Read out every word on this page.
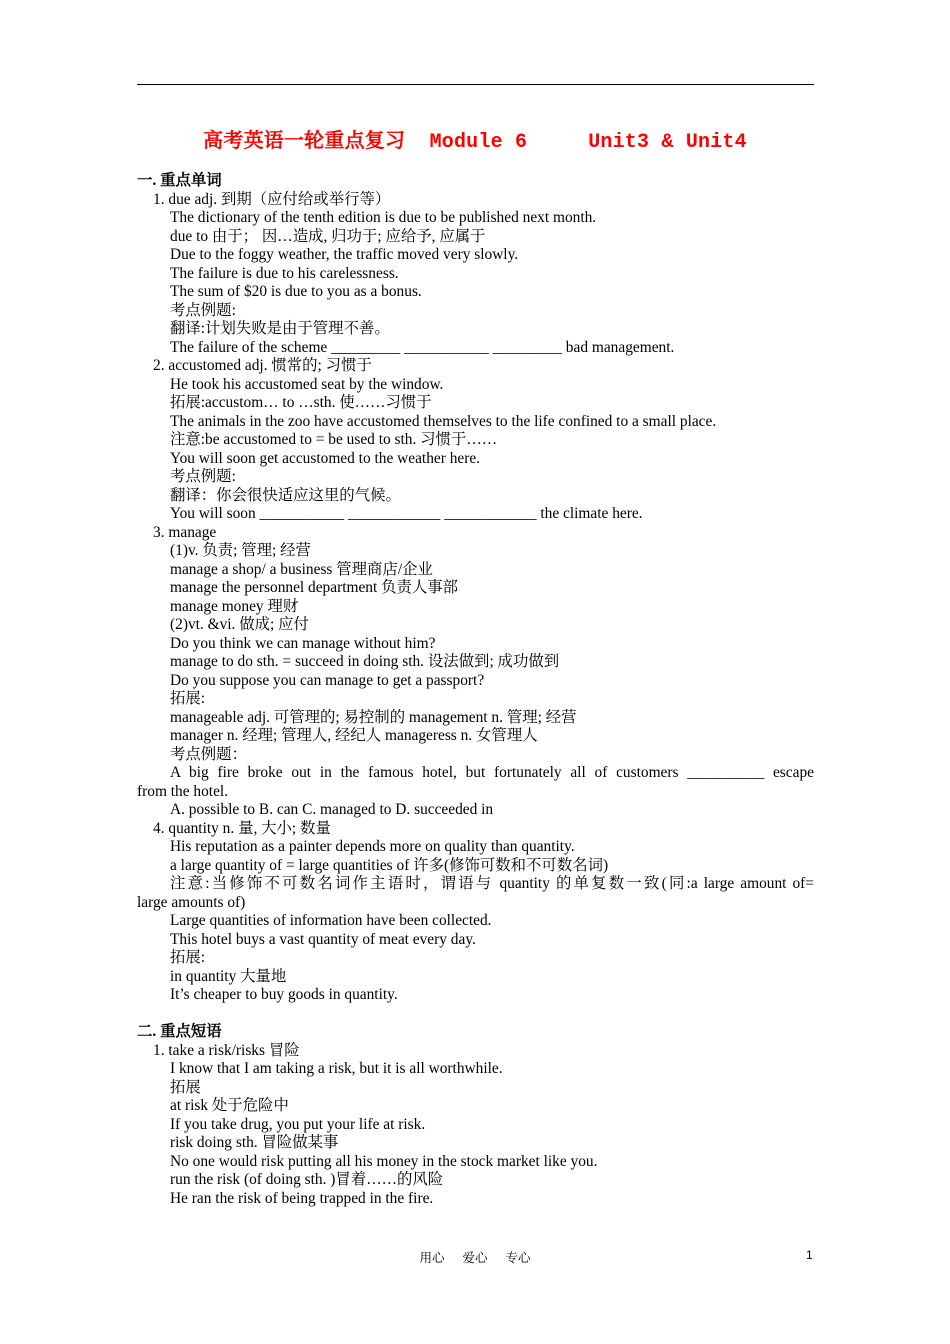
高考英语一轮重点复习  Module 6     Unit3 & Unit4
一. 重点单词
1. due adj. 到期（应付给或举行等）
The dictionary of the tenth edition is due to be published next month.
due to 由于； 因…造成, 归功于; 应给予, 应属于
Due to the foggy weather, the traffic moved very slowly.
The failure is due to his carelessness.
The sum of $20 is due to you as a bonus.
考点例题:
翻译:计划失败是由于管理不善。
The failure of the scheme _________ ___________ _________ bad management.
2. accustomed adj. 惯常的; 习惯于
He took his accustomed seat by the window.
拓展:accustom… to …sth. 使……习惯于
The animals in the zoo have accustomed themselves to the life confined to a small place.
注意:be accustomed to = be used to sth. 习惯于……
You will soon get accustomed to the weather here.
考点例题:
翻译：你会很快适应这里的气候。
You will soon ___________ ____________ ____________ the climate here.
3. manage
(1)v. 负责; 管理; 经营
manage a shop/ a business 管理商店/企业
manage the personnel department 负责人事部
manage money 理财
(2)vt. &vi. 做成; 应付
Do you think we can manage without him?
manage to do sth. = succeed in doing sth. 设法做到; 成功做到
Do you suppose you can manage to get a passport?
拓展:
manageable adj. 可管理的; 易控制的 management n. 管理; 经营
manager n. 经理; 管理人, 经纪人 manageress n. 女管理人
考点例题：
A big fire broke out in the famous hotel, but fortunately all of customers __________ escape
from the hotel.
A. possible to B. can C. managed to D. succeeded in
4. quantity n. 量, 大小; 数量
His reputation as a painter depends more on quality than quantity.
a large quantity of = large quantities of 许多(修饰可数和不可数名词)
注意:当修饰不可数名词作主语时，谓语与 quantity 的单复数一致(同:a large amount of=
large amounts of)
Large quantities of information have been collected.
This hotel buys a vast quantity of meat every day.
拓展:
in quantity 大量地
It’s cheaper to buy goods in quantity.
二. 重点短语
1. take a risk/risks 冒险
I know that I am taking a risk, but it is all worthwhile.
拓展
at risk 处于危险中
If you take drug, you put your life at risk.
risk doing sth. 冒险做某事
No one would risk putting all his money in the stock market like you.
run the risk (of doing sth. )冒着……的风险
He ran the risk of being trapped in the fire.
用心 爱心 专心	1
